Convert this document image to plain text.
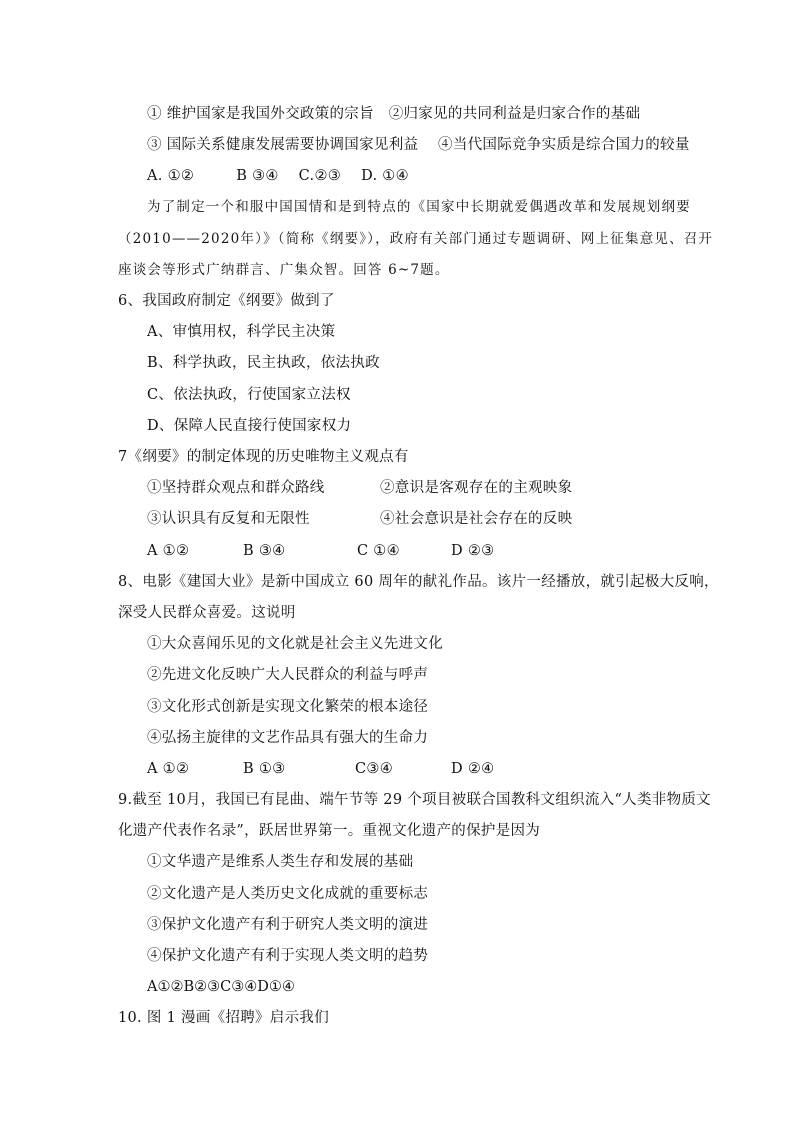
① 维护国家是我国外交政策的宗旨　②归家见的共同利益是归家合作的基础
③ 国际关系健康发展需要协调国家见利益　 ④当代国际竞争实质是综合国力的较量
A. ①②	B ③④ C.②③ D. ①④
为了制定一个和服中国国情和是到特点的《国家中长期就爱偶遇改革和发展规划纲要
（2010——2020年）》（简称《纲要》），政府有关部门通过专题调研、网上征集意见、召开
座谈会等形式广纳群言、广集众智。回答 6~7题。
6、我国政府制定《纲要》做到了
A、审慎用权，科学民主决策
B、科学执政，民主执政，依法执政
C、依法执政，行使国家立法权
D、保障人民直接行使国家权力
7《纲要》的制定体现的历史唯物主义观点有
①坚持群众观点和群众路线	②意识是客观存在的主观映象
③认识具有反复和无限性	④社会意识是社会存在的反映
A ①②	B ③④	C ①④	D ②③
8、电影《建国大业》是新中国成立 60 周年的献礼作品。该片一经播放，就引起极大反响，
深受人民群众喜爱。这说明
①大众喜闻乐见的文化就是社会主义先进文化
②先进文化反映广大人民群众的利益与呼声
③文化形式创新是实现文化繁荣的根本途径
④弘扬主旋律的文艺作品具有强大的生命力
A ①②	B ①③	C③④	D ②④
9.截至 10月，我国已有昆曲、端午节等 29 个项目被联合国教科文组织流入“人类非物质文
化遗产代表作名录”，跃居世界第一。重视文化遗产的保护是因为
①文华遗产是维系人类生存和发展的基础
②文化遗产是人类历史文化成就的重要标志
③保护文化遗产有利于研究人类文明的演进
④保护文化遗产有利于实现人类文明的趋势
A①②B②③C③④D①④
10. 图 1 漫画《招聘》启示我们
